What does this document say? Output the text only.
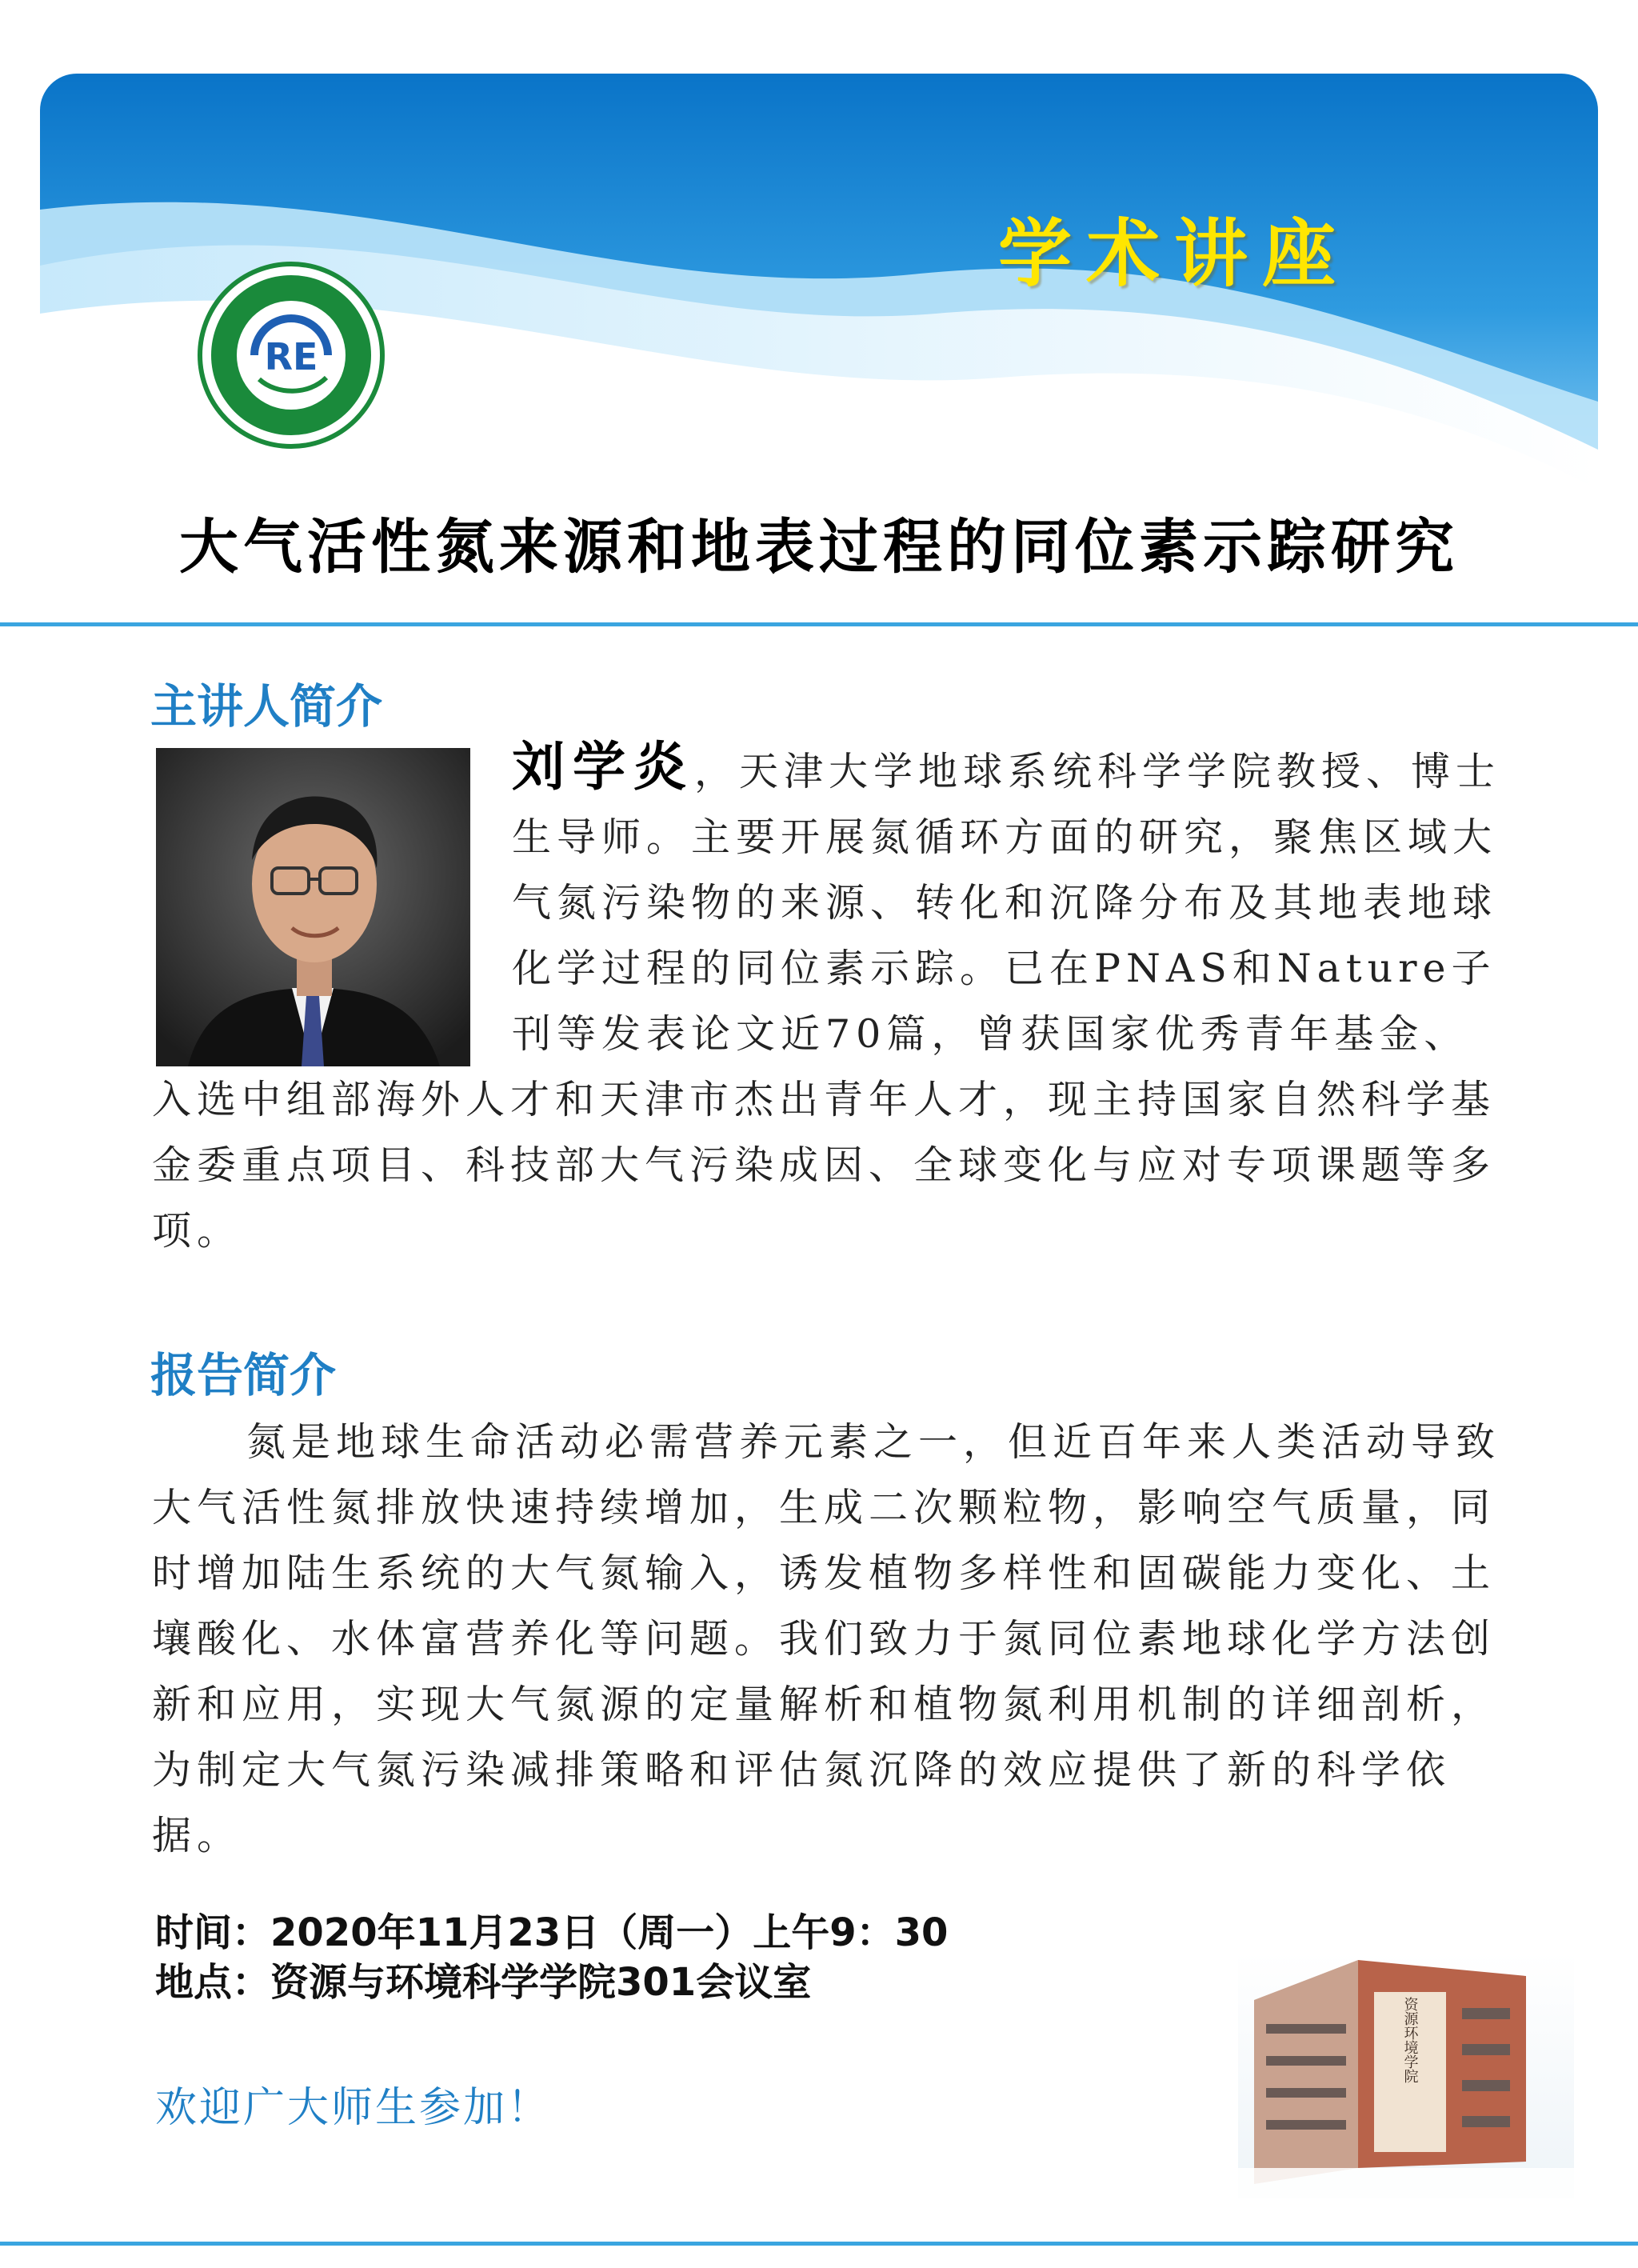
学术讲座
RE
大气活性氮来源和地表过程的同位素示踪研究
主讲人简介
刘学炎，天津大学地球系统科学学院教授、博士生导师。主要开展氮循环方面的研究，聚焦区域大气氮污染物的来源、转化和沉降分布及其地表地球化学过程的同位素示踪。已在PNAS和Nature子刊等发表论文近70篇，曾获国家优秀青年基金、入选中组部海外人才和天津市杰出青年人才，现主持国家自然科学基金委重点项目、科技部大气污染成因、全球变化与应对专项课题等多项。
报告简介
氮是地球生命活动必需营养元素之一，但近百年来人类活动导致大气活性氮排放快速持续增加，生成二次颗粒物，影响空气质量，同时增加陆生系统的大气氮输入，诱发植物多样性和固碳能力变化、土壤酸化、水体富营养化等问题。我们致力于氮同位素地球化学方法创新和应用，实现大气氮源的定量解析和植物氮利用机制的详细剖析，为制定大气氮污染减排策略和评估氮沉降的效应提供了新的科学依据。
时间：2020年11月23日（周一）上午9：30
地点：资源与环境科学学院301会议室
欢迎广大师生参加！
资源环境学院
